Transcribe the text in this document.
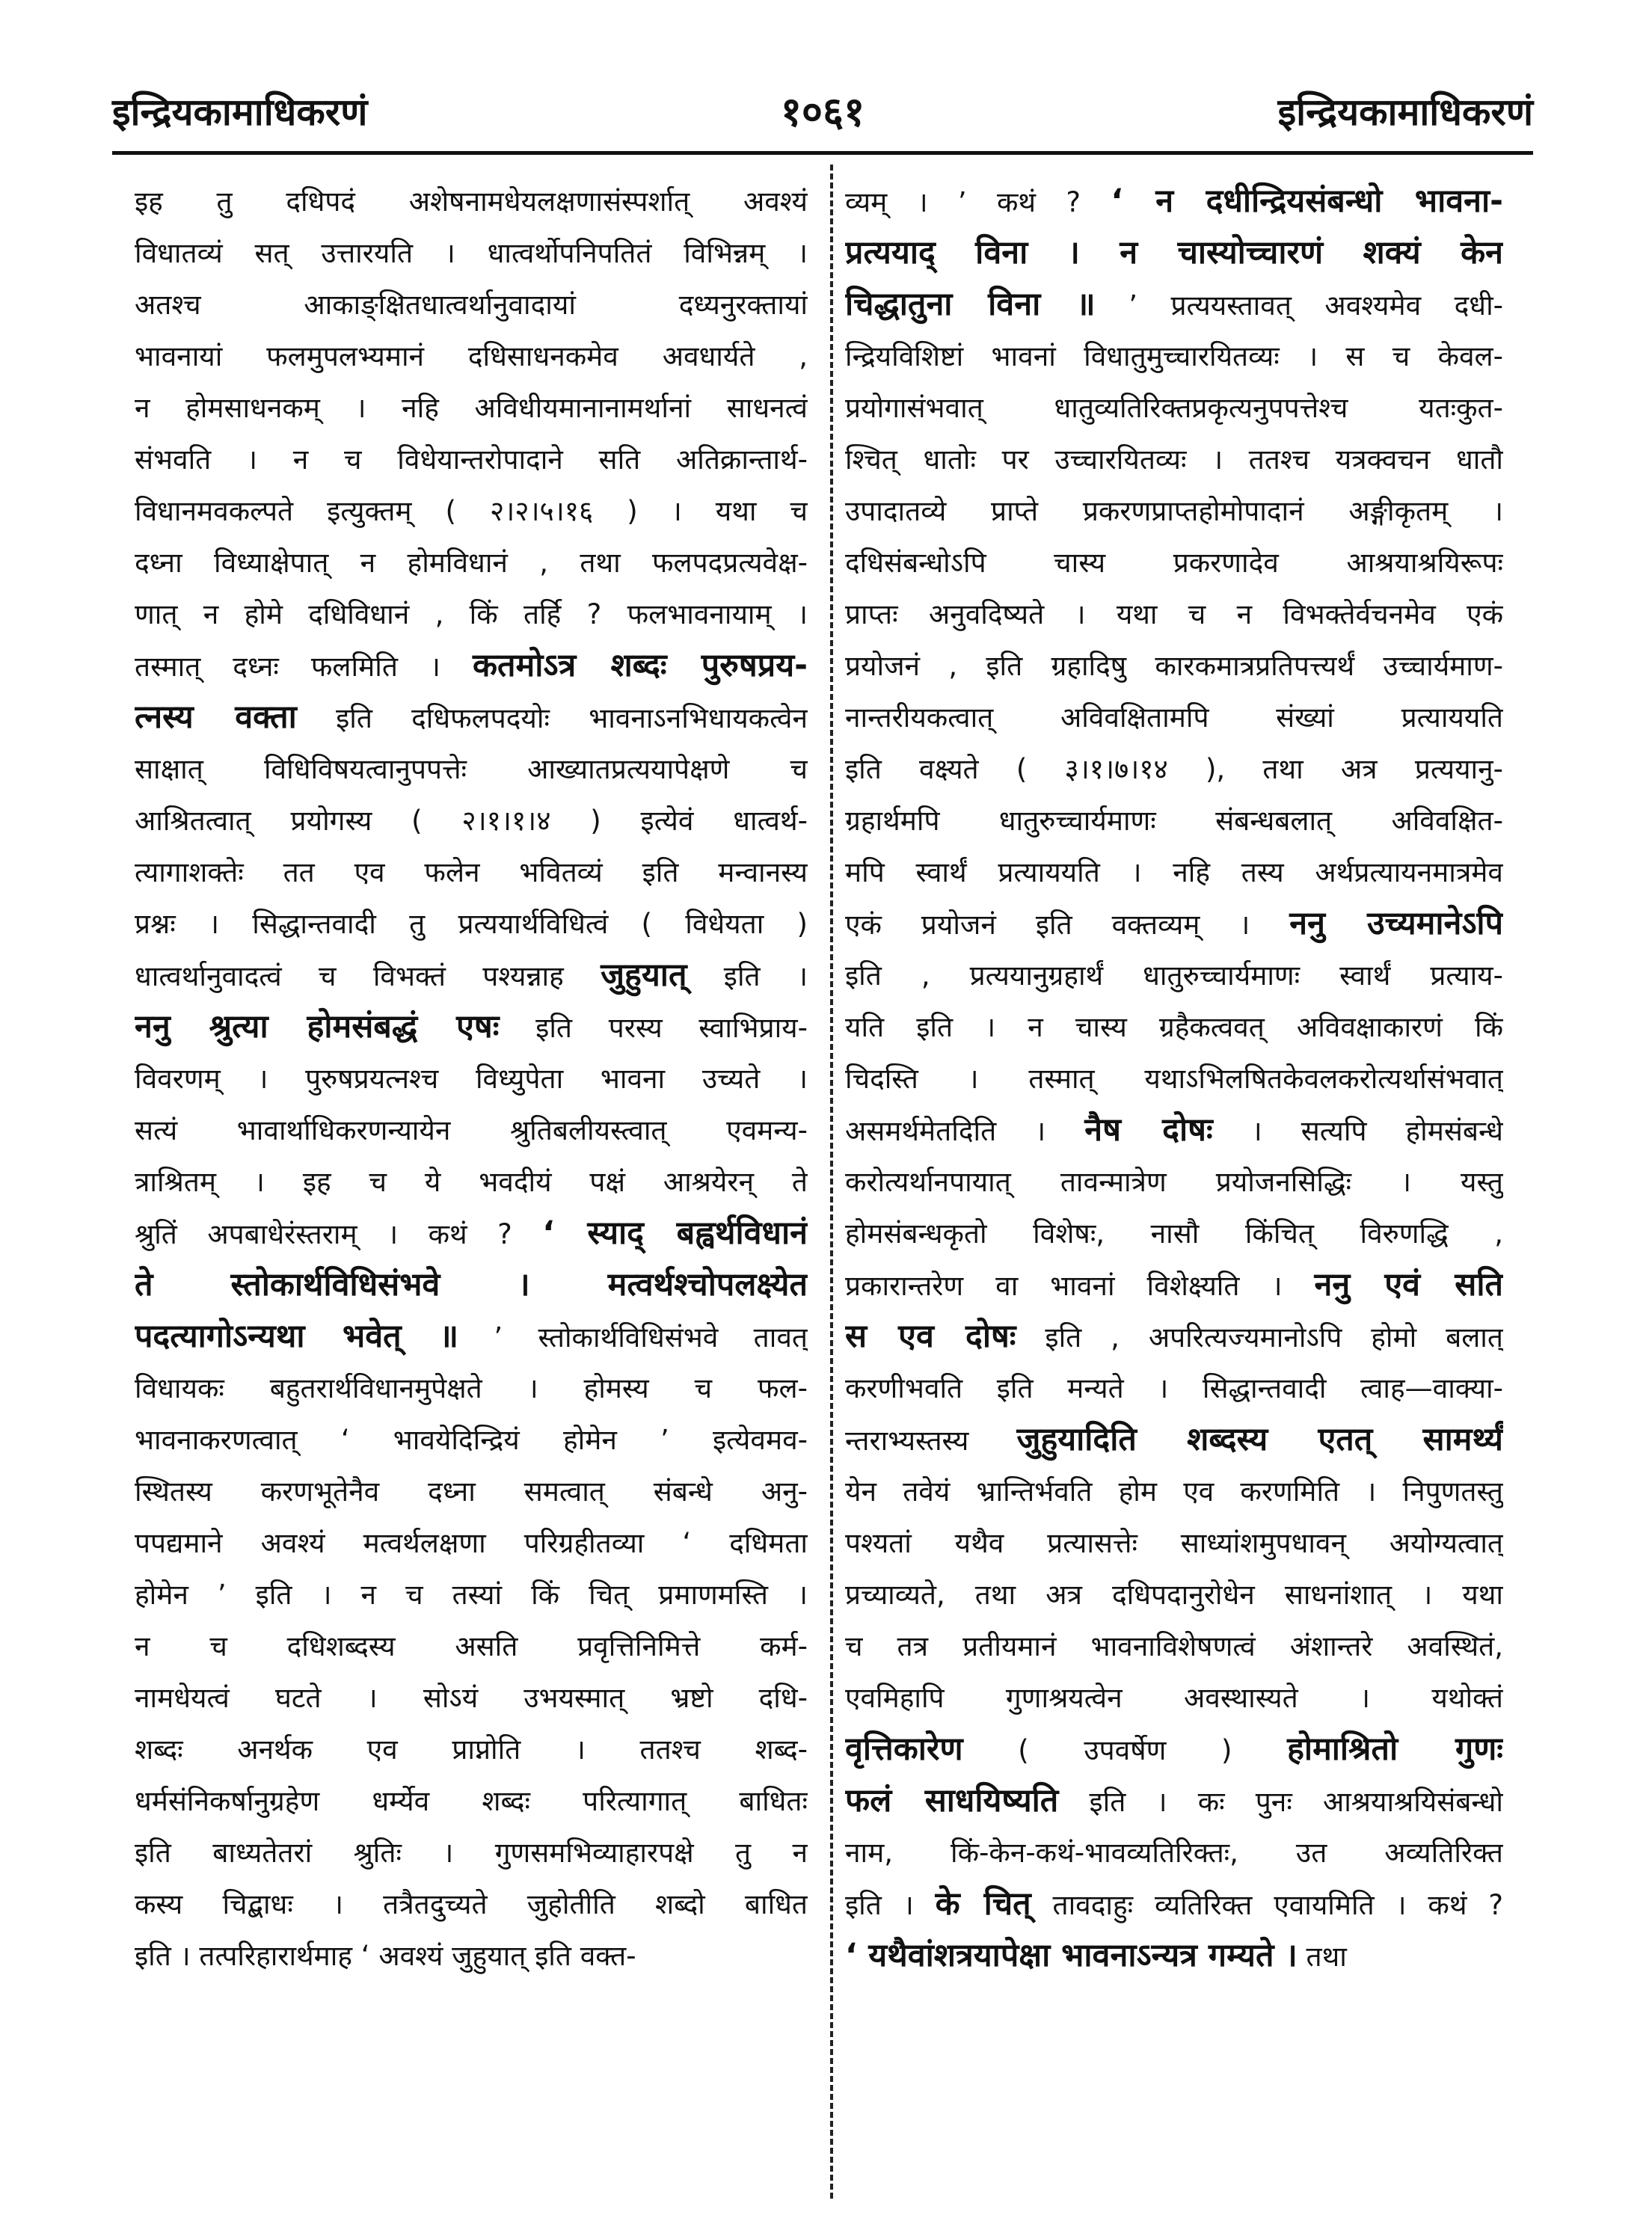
१०६१
इन्द्रियकामाधिकरणं	इन्द्रियकामाधिकरणं

इह तु दधिपदं अशेषनामधेयलक्षणासंस्पर्शात् अवश्यं

विधातव्यं सत् उत्तारयति । धात्वर्थोपनिपतितं विभिन्नम् ।

अतश्च आकाङ्क्षितधात्वर्थानुवादायां दध्यनुरक्तायां

भावनायां फलमुपलभ्यमानं दधिसाधनकमेव अवधार्यते ,

न होमसाधनकम् । नहि अविधीयमानानामर्थानां साधनत्वं

संभवति । न च विधेयान्तरोपादाने सति अतिक्रान्तार्थ-

विधानमवकल्पते इत्युक्तम् ( २।२।५।१६ ) । यथा च

दध्ना विध्याक्षेपात् न होमविधानं , तथा फलपदप्रत्यवेक्ष-

णात् न होमे दधिविधानं , किं तर्हि ? फलभावनायाम् ।

तस्मात् दध्नः फलमिति । कतमोऽत्र शब्दः पुरुषप्रय-

त्नस्य वक्ता इति दधिफलपदयोः भावनाऽनभिधायकत्वेन

साक्षात् विधिविषयत्वानुपपत्तेः आख्यातप्रत्ययापेक्षणे च

आश्रितत्वात् प्रयोगस्य ( २।१।१।४ ) इत्येवं धात्वर्थ-

त्यागाशक्तेः तत एव फलेन भवितव्यं इति मन्वानस्य

प्रश्नः । सिद्धान्तवादी तु प्रत्ययार्थविधित्वं ( विधेयता )

धात्वर्थानुवादत्वं च विभक्तं पश्यन्नाह जुहुयात् इति ।

ननु श्रुत्या होमसंबद्धं एषः इति परस्य स्वाभिप्राय-

विवरणम् । पुरुषप्रयत्नश्च विध्युपेता भावना उच्यते ।

सत्यं भावार्थाधिकरणन्यायेन श्रुतिबलीयस्त्वात् एवमन्य-

त्राश्रितम् । इह च ये भवदीयं पक्षं आश्रयेरन् ते

श्रुतिं अपबाधेरंस्तराम् । कथं ? ‘ स्याद् बह्वर्थविधानं

ते स्तोकार्थविधिसंभवे । मत्वर्थश्चोपलक्ष्येत

पदत्यागोऽन्यथा भवेत् ॥ ’ स्तोकार्थविधिसंभवे तावत्

विधायकः बहुतरार्थविधानमुपेक्षते । होमस्य च फल-

भावनाकरणत्वात् ‘ भावयेदिन्द्रियं होमेन ’ इत्येवमव-

स्थितस्य करणभूतेनैव दध्ना समत्वात् संबन्धे अनु-

पपद्यमाने अवश्यं मत्वर्थलक्षणा परिग्रहीतव्या ‘ दधिमता

होमेन ’ इति । न च तस्यां किं चित् प्रमाणमस्ति ।

न च दधिशब्दस्य असति प्रवृत्तिनिमित्ते कर्म-

नामधेयत्वं घटते । सोऽयं उभयस्मात् भ्रष्टो दधि-

शब्दः अनर्थक एव प्राप्नोति । ततश्च शब्द-

धर्मसंनिकर्षानुग्रहेण धर्म्येव शब्दः परित्यागात् बाधितः

इति बाध्यतेतरां श्रुतिः । गुणसमभिव्याहारपक्षे तु न

कस्य चिद्बाधः । तत्रैतदुच्यते जुहोतीति शब्दो बाधित

इति । तत्परिहारार्थमाह ‘ अवश्यं जुहुयात् इति वक्त-

व्यम् । ’ कथं ? ‘ न दधीन्द्रियसंबन्धो भावना-

प्रत्ययाद् विना । न चास्योच्चारणं शक्यं केन

चिद्धातुना विना ॥ ’ प्रत्ययस्तावत् अवश्यमेव दधी-

न्द्रियविशिष्टां भावनां विधातुमुच्चारयितव्यः । स च केवल-

प्रयोगासंभवात् धातुव्यतिरिक्तप्रकृत्यनुपपत्तेश्च यतःकुत-

श्चित् धातोः पर उच्चारयितव्यः । ततश्च यत्रक्वचन धातौ

उपादातव्ये प्राप्ते प्रकरणप्राप्तहोमोपादानं अङ्गीकृतम् ।

दधिसंबन्धोऽपि चास्य प्रकरणादेव आश्रयाश्रयिरूपः

प्राप्तः अनुवदिष्यते । यथा च न विभक्तेर्वचनमेव एकं

प्रयोजनं , इति ग्रहादिषु कारकमात्रप्रतिपत्त्यर्थं उच्चार्यमाण-

नान्तरीयकत्वात् अविवक्षितामपि संख्यां प्रत्याययति

इति वक्ष्यते ( ३।१।७।१४ ), तथा अत्र प्रत्ययानु-

ग्रहार्थमपि धातुरुच्चार्यमाणः संबन्धबलात् अविवक्षित-

मपि स्वार्थं प्रत्याययति । नहि तस्य अर्थप्रत्यायनमात्रमेव

एकं प्रयोजनं इति वक्तव्यम् । ननु उच्यमानेऽपि

इति , प्रत्ययानुग्रहार्थं धातुरुच्चार्यमाणः स्वार्थं प्रत्याय-

यति इति । न चास्य ग्रहैकत्ववत् अविवक्षाकारणं किं

चिदस्ति । तस्मात् यथाऽभिलषितकेवलकरोत्यर्थासंभवात्

असमर्थमेतदिति । नैष दोषः । सत्यपि होमसंबन्धे

करोत्यर्थानपायात् तावन्मात्रेण प्रयोजनसिद्धिः । यस्तु

होमसंबन्धकृतो विशेषः, नासौ किंचित् विरुणद्धि ,

प्रकारान्तरेण वा भावनां विशेक्ष्यति । ननु एवं सति

स एव दोषः इति , अपरित्यज्यमानोऽपि होमो बलात्

करणीभवति इति मन्यते । सिद्धान्तवादी त्वाह—वाक्या-

न्तराभ्यस्तस्य जुहुयादिति शब्दस्य एतत् सामर्थ्यं

येन तवेयं भ्रान्तिर्भवति होम एव करणमिति । निपुणतस्तु

पश्यतां यथैव प्रत्यासत्तेः साध्यांशमुपधावन् अयोग्यत्वात्

प्रच्याव्यते, तथा अत्र दधिपदानुरोधेन साधनांशात् । यथा

च तत्र प्रतीयमानं भावनाविशेषणत्वं अंशान्तरे अवस्थितं,

एवमिहापि गुणाश्रयत्वेन अवस्थास्यते । यथोक्तं

वृत्तिकारेण ( उपवर्षेण ) होमाश्रितो गुणः

फलं साधयिष्यति इति । कः पुनः आश्रयाश्रयिसंबन्धो

नाम, किं-केन-कथं-भावव्यतिरिक्तः, उत अव्यतिरिक्त

इति । के चित् तावदाहुः व्यतिरिक्त एवायमिति । कथं ?

‘ यथैवांशत्रयापेक्षा भावनाऽन्यत्र गम्यते । तथा
